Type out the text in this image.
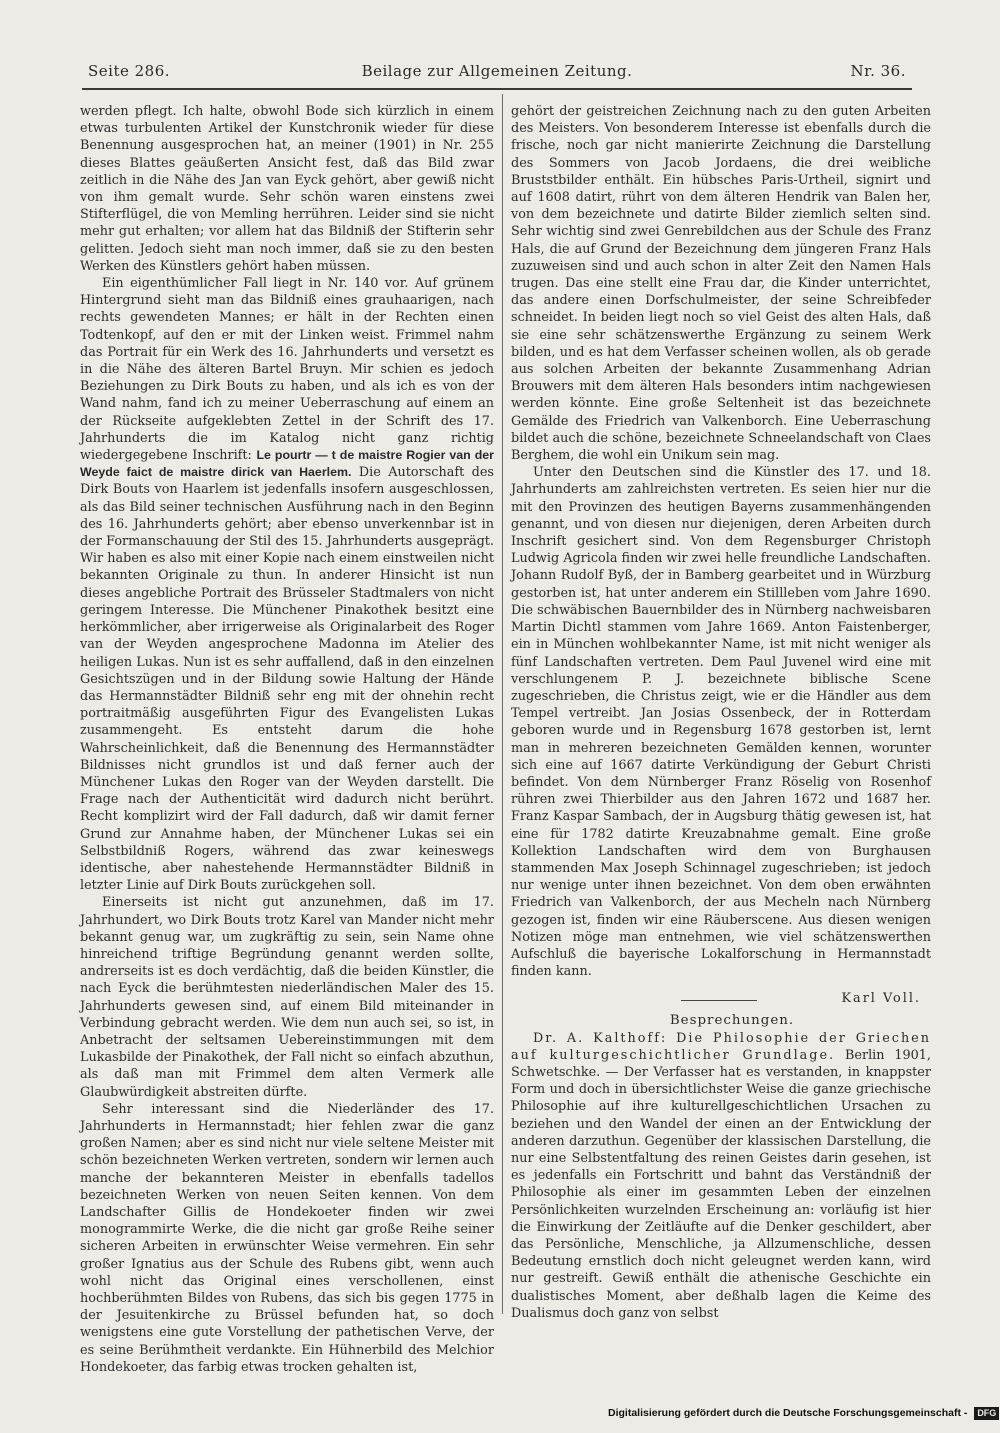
Seite 286.	Beilage zur Allgemeinen Zeitung.	Nr. 36.

werden pflegt. Ich halte, obwohl Bode sich kürzlich in einem etwas turbulenten Artikel der Kunstchronik wieder für diese Benennung ausgesprochen hat, an meiner (1901) in Nr. 255 dieses Blattes geäußerten Ansicht fest, daß das Bild zwar zeitlich in die Nähe des Jan van Eyck gehört, aber gewiß nicht von ihm gemalt wurde. Sehr schön waren einstens zwei Stifterflügel, die von Memling herrühren. Leider sind sie nicht mehr gut erhalten; vor allem hat das Bildniß der Stifterin sehr gelitten. Jedoch sieht man noch immer, daß sie zu den besten Werken des Künstlers gehört haben müssen.

Ein eigenthümlicher Fall liegt in Nr. 140 vor. Auf grünem Hintergrund sieht man das Bildniß eines grauhaarigen, nach rechts gewendeten Mannes; er hält in der Rechten einen Todtenkopf, auf den er mit der Linken weist. Frimmel nahm das Portrait für ein Werk des 16. Jahrhunderts und versetzt es in die Nähe des älteren Bartel Bruyn. Mir schien es jedoch Beziehungen zu Dirk Bouts zu haben, und als ich es von der Wand nahm, fand ich zu meiner Ueberraschung auf einem an der Rückseite aufgeklebten Zettel in der Schrift des 17. Jahrhunderts die im Katalog nicht ganz richtig wiedergegebene Inschrift: Le pourtr — t de maistre Rogier van der Weyde faict de maistre dirick van Haerlem. Die Autorschaft des Dirk Bouts von Haarlem ist jedenfalls insofern ausgeschlossen, als das Bild seiner technischen Ausführung nach in den Beginn des 16. Jahrhunderts gehört; aber ebenso unverkennbar ist in der Formanschauung der Stil des 15. Jahrhunderts ausgeprägt. Wir haben es also mit einer Kopie nach einem einstweilen nicht bekannten Originale zu thun. In anderer Hinsicht ist nun dieses angebliche Portrait des Brüsseler Stadtmalers von nicht geringem Interesse. Die Münchener Pinakothek besitzt eine herkömmlicher, aber irrigerweise als Originalarbeit des Roger van der Weyden angesprochene Madonna im Atelier des heiligen Lukas. Nun ist es sehr auffallend, daß in den einzelnen Gesichtszügen und in der Bildung sowie Haltung der Hände das Hermannstädter Bildniß sehr eng mit der ohnehin recht portraitmäßig ausgeführten Figur des Evangelisten Lukas zusammengeht. Es entsteht darum die hohe Wahrscheinlichkeit, daß die Benennung des Hermannstädter Bildnisses nicht grundlos ist und daß ferner auch der Münchener Lukas den Roger van der Weyden darstellt. Die Frage nach der Authenticität wird dadurch nicht berührt. Recht komplizirt wird der Fall dadurch, daß wir damit ferner Grund zur Annahme haben, der Münchener Lukas sei ein Selbstbildniß Rogers, während das zwar keineswegs identische, aber nahestehende Hermannstädter Bildniß in letzter Linie auf Dirk Bouts zurückgehen soll.

Einerseits ist nicht gut anzunehmen, daß im 17. Jahrhundert, wo Dirk Bouts trotz Karel van Mander nicht mehr bekannt genug war, um zugkräftig zu sein, sein Name ohne hinreichend triftige Begründung genannt werden sollte, andrerseits ist es doch verdächtig, daß die beiden Künstler, die nach Eyck die berühmtesten niederländischen Maler des 15. Jahrhunderts gewesen sind, auf einem Bild miteinander in Verbindung gebracht werden. Wie dem nun auch sei, so ist, in Anbetracht der seltsamen Uebereinstimmungen mit dem Lukasbilde der Pinakothek, der Fall nicht so einfach abzuthun, als daß man mit Frimmel dem alten Vermerk alle Glaubwürdigkeit abstreiten dürfte.

Sehr interessant sind die Niederländer des 17. Jahrhunderts in Hermannstadt; hier fehlen zwar die ganz großen Namen; aber es sind nicht nur viele seltene Meister mit schön bezeichneten Werken vertreten, sondern wir lernen auch manche der bekannteren Meister in ebenfalls tadellos bezeichneten Werken von neuen Seiten kennen. Von dem Landschafter Gillis de Hondekoeter finden wir zwei monogrammirte Werke, die die nicht gar große Reihe seiner sicheren Arbeiten in erwünschter Weise vermehren. Ein sehr großer Ignatius aus der Schule des Rubens gibt, wenn auch wohl nicht das Original eines verschollenen, einst hochberühmten Bildes von Rubens, das sich bis gegen 1775 in der Jesuitenkirche zu Brüssel befunden hat, so doch wenigstens eine gute Vorstellung der pathetischen Verve, der es seine Berühmtheit verdankte. Ein Hühnerbild des Melchior Hondekoeter, das farbig etwas trocken gehalten ist,

gehört der geistreichen Zeichnung nach zu den guten Arbeiten des Meisters. Von besonderem Interesse ist ebenfalls durch die frische, noch gar nicht manierirte Zeichnung die Darstellung des Sommers von Jacob Jordaens, die drei weibliche Bruststbilder enthält. Ein hübsches Paris-Urtheil, signirt und auf 1608 datirt, rührt von dem älteren Hendrik van Balen her, von dem bezeichnete und datirte Bilder ziemlich selten sind. Sehr wichtig sind zwei Genrebildchen aus der Schule des Franz Hals, die auf Grund der Bezeichnung dem jüngeren Franz Hals zuzuweisen sind und auch schon in alter Zeit den Namen Hals trugen. Das eine stellt eine Frau dar, die Kinder unterrichtet, das andere einen Dorfschulmeister, der seine Schreibfeder schneidet. In beiden liegt noch so viel Geist des alten Hals, daß sie eine sehr schätzenswerthe Ergänzung zu seinem Werk bilden, und es hat dem Verfasser scheinen wollen, als ob gerade aus solchen Arbeiten der bekannte Zusammenhang Adrian Brouwers mit dem älteren Hals besonders intim nachgewiesen werden könnte. Eine große Seltenheit ist das bezeichnete Gemälde des Friedrich van Valkenborch. Eine Ueberraschung bildet auch die schöne, bezeichnete Schneelandschaft von Claes Berghem, die wohl ein Unikum sein mag.

Unter den Deutschen sind die Künstler des 17. und 18. Jahrhunderts am zahlreichsten vertreten. Es seien hier nur die mit den Provinzen des heutigen Bayerns zusammenhängenden genannt, und von diesen nur diejenigen, deren Arbeiten durch Inschrift gesichert sind. Von dem Regensburger Christoph Ludwig Agricola finden wir zwei helle freundliche Landschaften. Johann Rudolf Byß, der in Bamberg gearbeitet und in Würzburg gestorben ist, hat unter anderem ein Stillleben vom Jahre 1690. Die schwäbischen Bauernbilder des in Nürnberg nachweisbaren Martin Dichtl stammen vom Jahre 1669. Anton Faistenberger, ein in München wohlbekannter Name, ist mit nicht weniger als fünf Landschaften vertreten. Dem Paul Juvenel wird eine mit verschlungenem P. J. bezeichnete biblische Scene zugeschrieben, die Christus zeigt, wie er die Händler aus dem Tempel vertreibt. Jan Josias Ossenbeck, der in Rotterdam geboren wurde und in Regensburg 1678 gestorben ist, lernt man in mehreren bezeichneten Gemälden kennen, worunter sich eine auf 1667 datirte Verkündigung der Geburt Christi befindet. Von dem Nürnberger Franz Röselig von Rosenhof rühren zwei Thierbilder aus den Jahren 1672 und 1687 her. Franz Kaspar Sambach, der in Augsburg thätig gewesen ist, hat eine für 1782 datirte Kreuzabnahme gemalt. Eine große Kollektion Landschaften wird dem von Burghausen stammenden Max Joseph Schinnagel zugeschrieben; ist jedoch nur wenige unter ihnen bezeichnet. Von dem oben erwähnten Friedrich van Valkenborch, der aus Mecheln nach Nürnberg gezogen ist, finden wir eine Räuberscene. Aus diesen wenigen Notizen möge man entnehmen, wie viel schätzenswerthen Aufschluß die bayerische Lokalforschung in Hermannstadt finden kann.

Karl Voll.

Besprechungen.

Dr. A. Kalthoff: Die Philosophie der Griechen auf kulturgeschichtlicher Grundlage. Berlin 1901, Schwetschke. — Der Verfasser hat es verstanden, in knappster Form und doch in übersichtlichster Weise die ganze griechische Philosophie auf ihre kulturellgeschichtlichen Ursachen zu beziehen und den Wandel der einen an der Entwicklung der anderen darzuthun. Gegenüber der klassischen Darstellung, die nur eine Selbstentfaltung des reinen Geistes darin gesehen, ist es jedenfalls ein Fortschritt und bahnt das Verständniß der Philosophie als einer im gesammten Leben der einzelnen Persönlichkeiten wurzelnden Erscheinung an: vorläufig ist hier die Einwirkung der Zeitläufte auf die Denker geschildert, aber das Persönliche, Menschliche, ja Allzumenschliche, dessen Bedeutung ernstlich doch nicht geleugnet werden kann, wird nur gestreift. Gewiß enthält die athenische Geschichte ein dualistisches Moment, aber deßhalb lagen die Keime des Dualismus doch ganz von selbst

Digitalisierung gefördert durch die Deutsche Forschungsgemeinschaft - DFG
